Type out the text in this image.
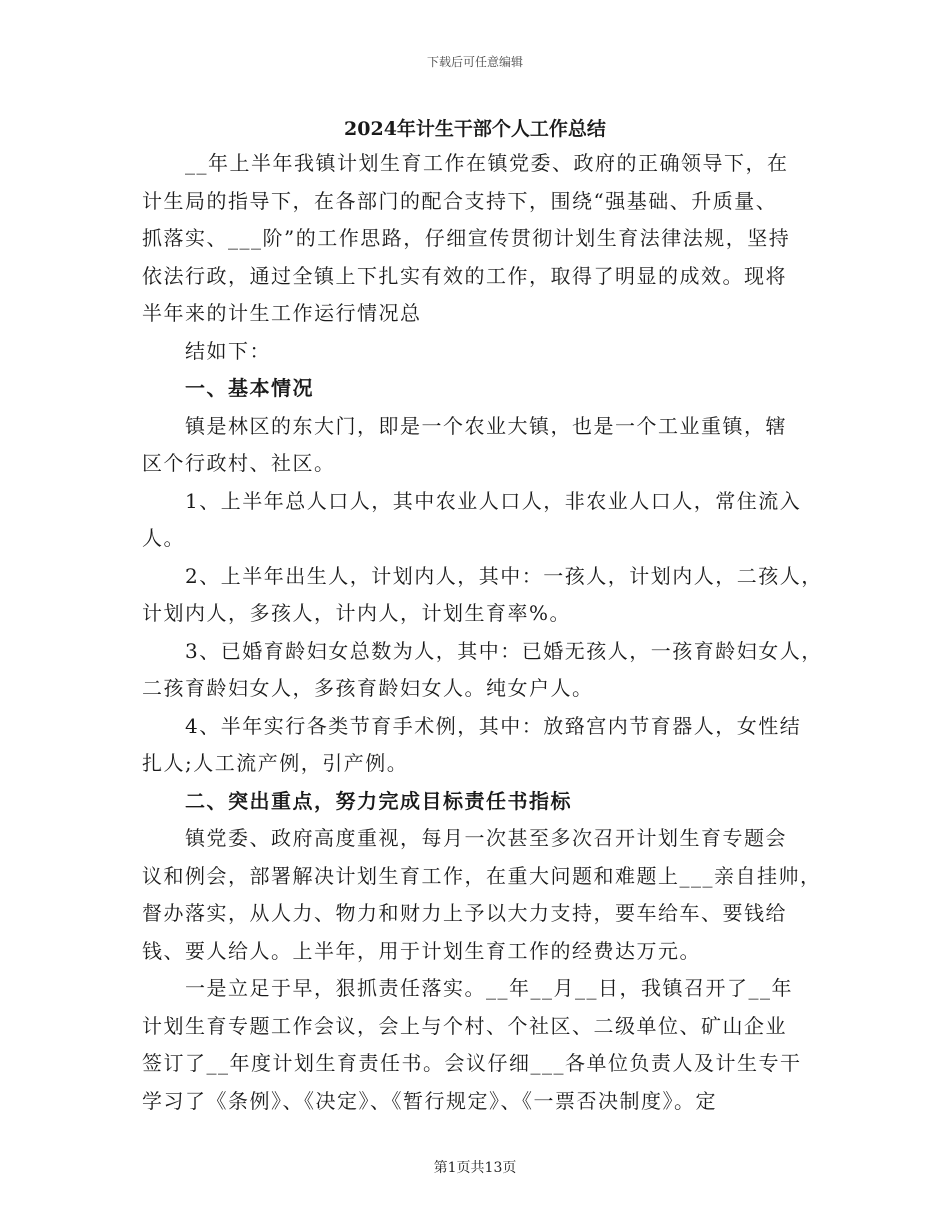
下载后可任意编辑
2024年计生干部个人工作总结
__年上半年我镇计划生育工作在镇党委、政府的正确领导下，在
计生局的指导下，在各部门的配合支持下，围绕“强基础、升质量、
抓落实、___阶”的工作思路，仔细宣传贯彻计划生育法律法规，坚持
依法行政，通过全镇上下扎实有效的工作，取得了明显的成效。现将
半年来的计生工作运行情况总
结如下：
一、基本情况
镇是林区的东大门，即是一个农业大镇，也是一个工业重镇，辖
区个行政村、社区。
1、上半年总人口人，其中农业人口人，非农业人口人，常住流入
人。
2、上半年出生人，计划内人，其中：一孩人，计划内人，二孩人，
计划内人，多孩人，计内人，计划生育率%。
3、已婚育龄妇女总数为人，其中：已婚无孩人，一孩育龄妇女人，
二孩育龄妇女人，多孩育龄妇女人。纯女户人。
4、半年实行各类节育手术例，其中：放臵宫内节育器人，女性结
扎人;人工流产例，引产例。
二、突出重点，努力完成目标责任书指标
镇党委、政府高度重视，每月一次甚至多次召开计划生育专题会
议和例会，部署解决计划生育工作，在重大问题和难题上___亲自挂帅，
督办落实，从人力、物力和财力上予以大力支持，要车给车、要钱给
钱、要人给人。上半年，用于计划生育工作的经费达万元。
一是立足于早，狠抓责任落实。__年__月__日，我镇召开了__年
计划生育专题工作会议，会上与个村、个社区、二级单位、矿山企业
签订了__年度计划生育责任书。会议仔细___各单位负责人及计生专干
学习了《条例》、《决定》、《暂行规定》、《一票否决制度》。定
第1页共13页
